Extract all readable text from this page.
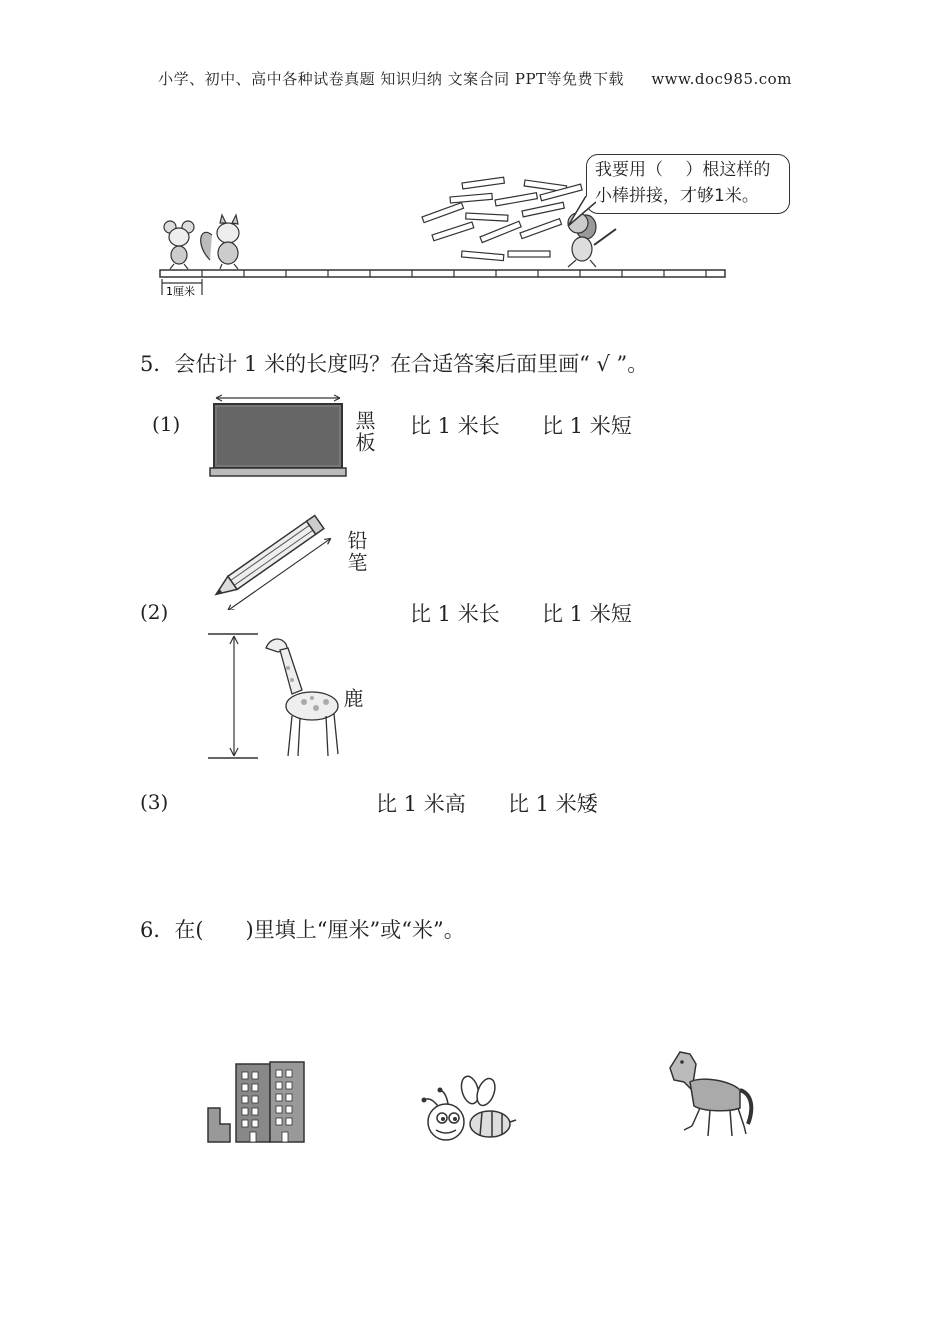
小学、初中、高中各种试卷真题 知识归纳 文案合同 PPT等免费下载 www.doc985.com
1厘米
我要用（　 ）根这样的
小棒拼接，才够1米。
5．会估计 1 米的长度吗？在合适答案后面里画“ √ ”。
(1)	黑板 比 1 米长 比 1 米短
铅笔
(2)	比 1 米长 比 1 米短
鹿
(3)	比 1 米高 比 1 米矮
6．在(　　)里填上“厘米”或“米”。
